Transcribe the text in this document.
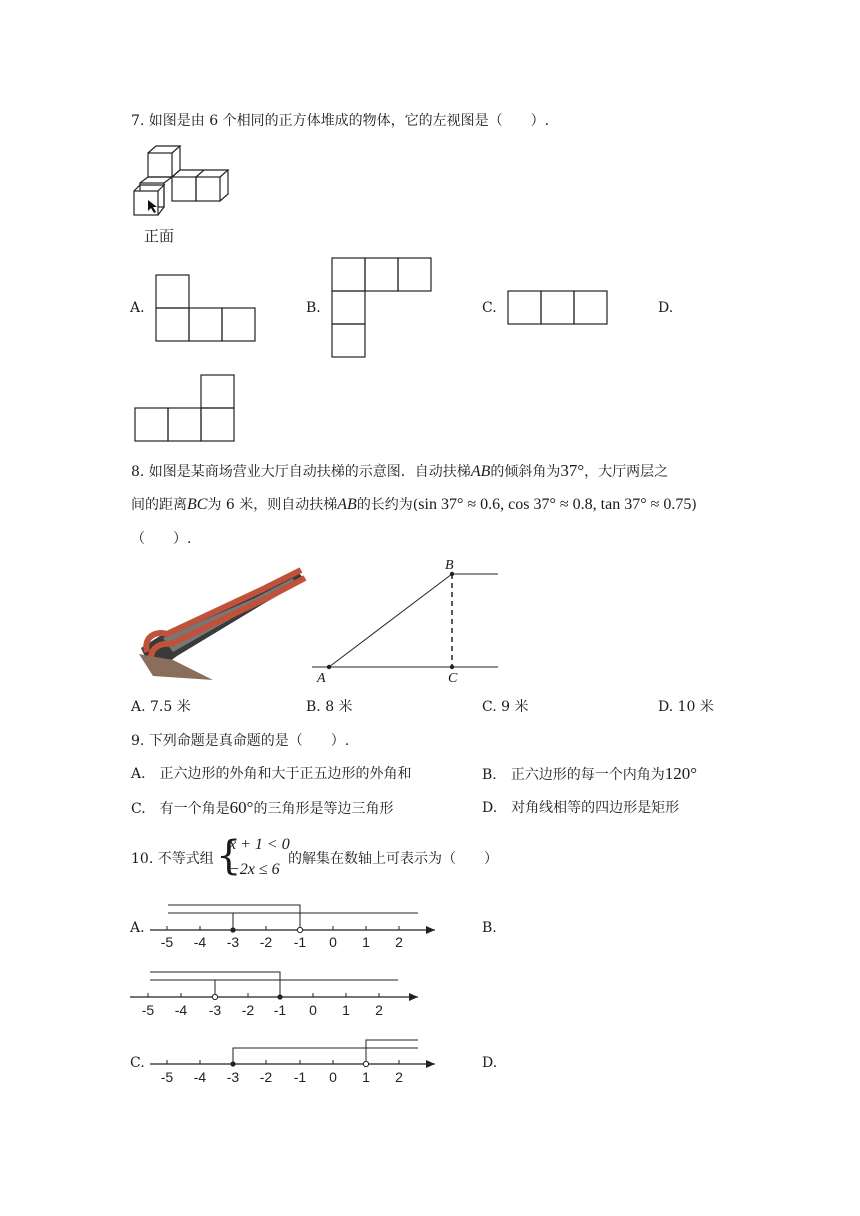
7. 如图是由 6 个相同的正方体堆成的物体，它的左视图是（　　）.
正面
A.	B.	C.	D.
8. 如图是某商场营业大厅自动扶梯的示意图．自动扶梯AB的倾斜角为37°，大厅两层之
间的距离BC为 6 米，则自动扶梯AB的长约为(sin 37° ≈ 0.6, cos 37° ≈ 0.8, tan 37° ≈ 0.75)
（　　）.
A
B
C
A. 7.5 米	B. 8 米	C. 9 米	D. 10 米
9. 下列命题是真命题的是（　　）.
A.　正六边形的外角和大于正五边形的外角和	B.　正六边形的每一个内角为120°
C.　有一个角是60°的三角形是等边三角形	D.　对角线相等的四边形是矩形
10. 不等式组 {
x + 1 < 0
−2x ≤ 6
的解集在数轴上可表示为（　　）
A.	B.
C.	D.
-5 -4 -3 -2 -1 0 1 2
-5 -4 -3 -2 -1 0 1 2
-5 -4 -3 -2 -1 0 1 2
